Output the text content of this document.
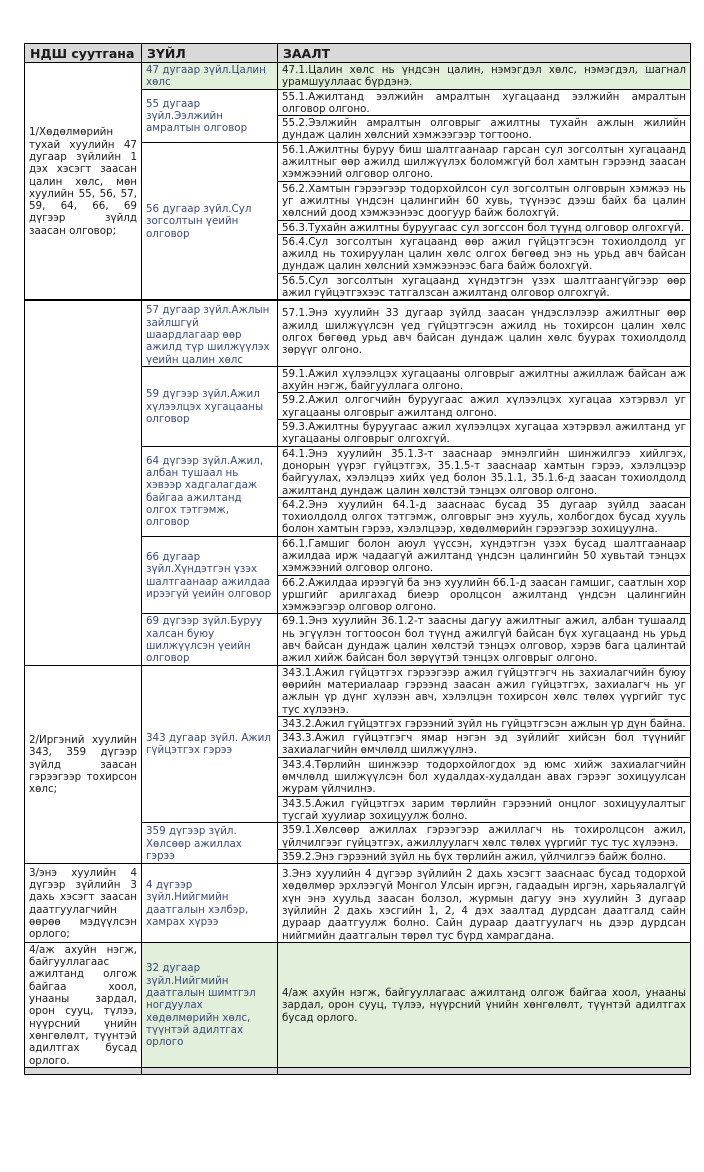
НДШ суутгана	ЗҮЙЛ	ЗААЛТ
1/Хөдөлмөрийн тухай хуулийн 47 дугаар зүйлийн 1 дэх хэсэгт заасан цалин хөлс, мөн хуулийн 55, 56, 57, 59, 64, 66, 69 дүгээр зүйлд заасан олговор;	47 дугаар зүйл.Цалин хөлс	47.1.Цалин хөлс нь үндсэн цалин, нэмэгдэл хөлс, нэмэгдэл, шагнал урамшууллаас бүрдэнэ.
	55 дугаар зүйл.Ээлжийн амралтын олговор	55.1.Ажилтанд ээлжийн амралтын хугацаанд ээлжийн амралтын олговор олгоно.
		55.2.Ээлжийн амралтын олговрыг ажилтны тухайн ажлын жилийн дундаж цалин хөлсний хэмжээгээр тогтооно.
	56 дугаар зүйл.Сул зогсолтын үеийн олговор	56.1.Ажилтны буруу биш шалтгаанаар гарсан сул зогсолтын хугацаанд ажилтныг өөр ажилд шилжүүлэх боломжгүй бол хамтын гэрээнд заасан хэмжээний олговор олгоно.
		56.2.Хамтын гэрээгээр тодорхойлсон сул зогсолтын олговрын хэмжээ нь уг ажилтны үндсэн цалингийн 60 хувь, түүнээс дээш байх ба цалин хөлсний доод хэмжээнээс доогуур байж болохгүй.
		56.3.Тухайн ажилтны буруугаас сул зогссон бол түүнд олговор олгохгүй.
		56.4.Сул зогсолтын хугацаанд өөр ажил гүйцэтгэсэн тохиолдолд уг ажилд нь тохируулан цалин хөлс олгох бөгөөд энэ нь урьд авч байсан дундаж цалин хөлсний хэмжээнээс бага байж болохгүй.
		56.5.Сул зогсолтын хугацаанд хүндэтгэн үзэх шалтгаангүйгээр өөр ажил гүйцэтгэхээс татгалзсан ажилтанд олговор олгохгүй.
	57 дугаар зүйл.Ажлын зайлшгүй шаардлагаар өөр ажилд түр шилжүүлэх үеийн цалин хөлс	57.1.Энэ хуулийн 33 дугаар зүйлд заасан үндэслэлээр ажилтныг өөр ажилд шилжүүлсэн үед гүйцэтгэсэн ажилд нь тохирсон цалин хөлс олгох бөгөөд урьд авч байсан дундаж цалин хөлс буурах тохиолдолд зөрүүг олгоно.
	59 дүгээр зүйл.Ажил хүлээлцэх хугацааны олговор	59.1.Ажил хүлээлцэх хугацааны олговрыг ажилтны ажиллаж байсан аж ахуйн нэгж, байгууллага олгоно.
		59.2.Ажил олгогчийн буруугаас ажил хүлээлцэх хугацаа хэтэрвэл уг хугацааны олговрыг ажилтанд олгоно.
		59.3.Ажилтны буруугаас ажил хүлээлцэх хугацаа хэтэрвэл ажилтанд уг хугацааны олговрыг олгохгүй.
	64 дүгээр зүйл.Ажил, албан тушаал нь хэвээр хадгалагдаж байгаа ажилтанд олгох тэтгэмж, олговор	64.1.Энэ хуулийн 35.1.3-т зааснаар эмнэлгийн шинжилгээ хийлгэх, донорын үүрэг гүйцэтгэх, 35.1.5-т зааснаар хамтын гэрээ, хэлэлцээр байгуулах, хэлэлцээ хийх үед болон 35.1.1, 35.1.6-д заасан тохиолдолд ажилтанд дундаж цалин хөлстэй тэнцэх олговор олгоно.
		64.2.Энэ хуулийн 64.1-д зааснаас бусад 35 дугаар зүйлд заасан тохиолдолд олгох тэтгэмж, олговрыг энэ хууль, холбогдох бусад хууль болон хамтын гэрээ, хэлэлцээр, хөдөлмөрийн гэрээгээр зохицуулна.
	66 дугаар зүйл.Хүндэтгэн үзэх шалтгаанаар ажилдаа ирээгүй үеийн олговор	66.1.Гамшиг болон аюул үүссэн, хүндэтгэн үзэх бусад шалтгаанаар ажилдаа ирж чадаагүй ажилтанд үндсэн цалингийн 50 хувьтай тэнцэх хэмжээний олговор олгоно.
		66.2.Ажилдаа ирээгүй ба энэ хуулийн 66.1-д заасан гамшиг, саатлын хор уршгийг арилгахад биеэр оролцсон ажилтанд үндсэн цалингийн хэмжээгээр олговор олгоно.
	69 дүгээр зүйл.Буруу халсан буюу шилжүүлсэн үеийн олговор	69.1.Энэ хуулийн 36.1.2-т заасны дагуу ажилтныг ажил, албан тушаалд нь эгүүлэн тогтоосон бол түүнд ажилгүй байсан бүх хугацаанд нь урьд авч байсан дундаж цалин хөлстэй тэнцэх олговор, хэрэв бага цалинтай ажил хийж байсан бол зөрүүтэй тэнцэх олговрыг олгоно.
2/Иргэний хуулийн 343, 359 дүгээр зүйлд заасан гэрээгээр тохирсон хөлс;	343 дугаар зүйл. Ажил гүйцэтгэх гэрээ	343.1.Ажил гүйцэтгэх гэрээгээр ажил гүйцэтгэгч нь захиалагчийн буюу өөрийн материалаар гэрээнд заасан ажил гүйцэтгэх, захиалагч нь уг ажлын үр дүнг хүлээн авч, хэлэлцэн тохирсон хөлс төлөх үүргийг тус тус хүлээнэ.
		343.2.Ажил гүйцэтгэх гэрээний зүйл нь гүйцэтгэсэн ажлын үр дүн байна.
		343.3.Ажил гүйцэтгэгч ямар нэгэн эд зүйлийг хийсэн бол түүнийг захиалагчийн өмчлөлд шилжүүлнэ.
		343.4.Төрлийн шинжээр тодорхойлогдох эд юмс хийж захиалагчийн өмчлөлд шилжүүлсэн бол худалдах-худалдан авах гэрээг зохицуулсан журам үйлчилнэ.
		343.5.Ажил гүйцэтгэх зарим төрлийн гэрээний онцлог зохицуулалтыг тусгай хуулиар зохицуулж болно.
	359 дүгээр зүйл. Хөлсөөр ажиллах гэрээ	359.1.Хөлсөөр ажиллах гэрээгээр ажиллагч нь тохиролцсон ажил, үйлчилгээг гүйцэтгэх, ажиллуулагч хөлс төлөх үүргийг тус тус хүлээнэ.
		359.2.Энэ гэрээний зүйл нь бүх төрлийн ажил, үйлчилгээ байж болно.
3/энэ хуулийн 4 дүгээр зүйлийн 3 дахь хэсэгт заасан даатгуулагчийн өөрөө мэдүүлсэн орлого;	4 дүгээр зүйл.Нийгмийн даатгалын хэлбэр, хамрах хүрээ	3.Энэ хуулийн 4 дүгээр зүйлийн 2 дахь хэсэгт зааснаас бусад тодорхой хөдөлмөр эрхлээгүй Монгол Улсын иргэн, гадаадын иргэн, харьяалалгүй хүн энэ хуульд заасан болзол, журмын дагуу энэ хуулийн 3 дугаар зүйлийн 2 дахь хэсгийн 1, 2, 4 дэх заалтад дурдсан даатгалд сайн дураар даатгуулж болно. Сайн дураар даатгуулагч нь дээр дурдсан нийгмийн даатгалын төрөл тус бүрд хамрагдана.
4/аж ахуйн нэгж, байгууллагаас ажилтанд олгож байгаа хоол, унааны зардал, орон сууц, түлээ, нүүрсний үнийн хөнгөлөлт, түүнтэй адилтгах бусад орлого.	32 дугаар зүйл.Нийгмийн даатгалын шимтгэл ногдуулах хөдөлмөрийн хөлс, түүнтэй адилтгах орлого	4/аж ахуйн нэгж, байгууллагаас ажилтанд олгож байгаа хоол, унааны зардал, орон сууц, түлээ, нүүрсний үнийн хөнгөлөлт, түүнтэй адилтгах бусад орлого.
